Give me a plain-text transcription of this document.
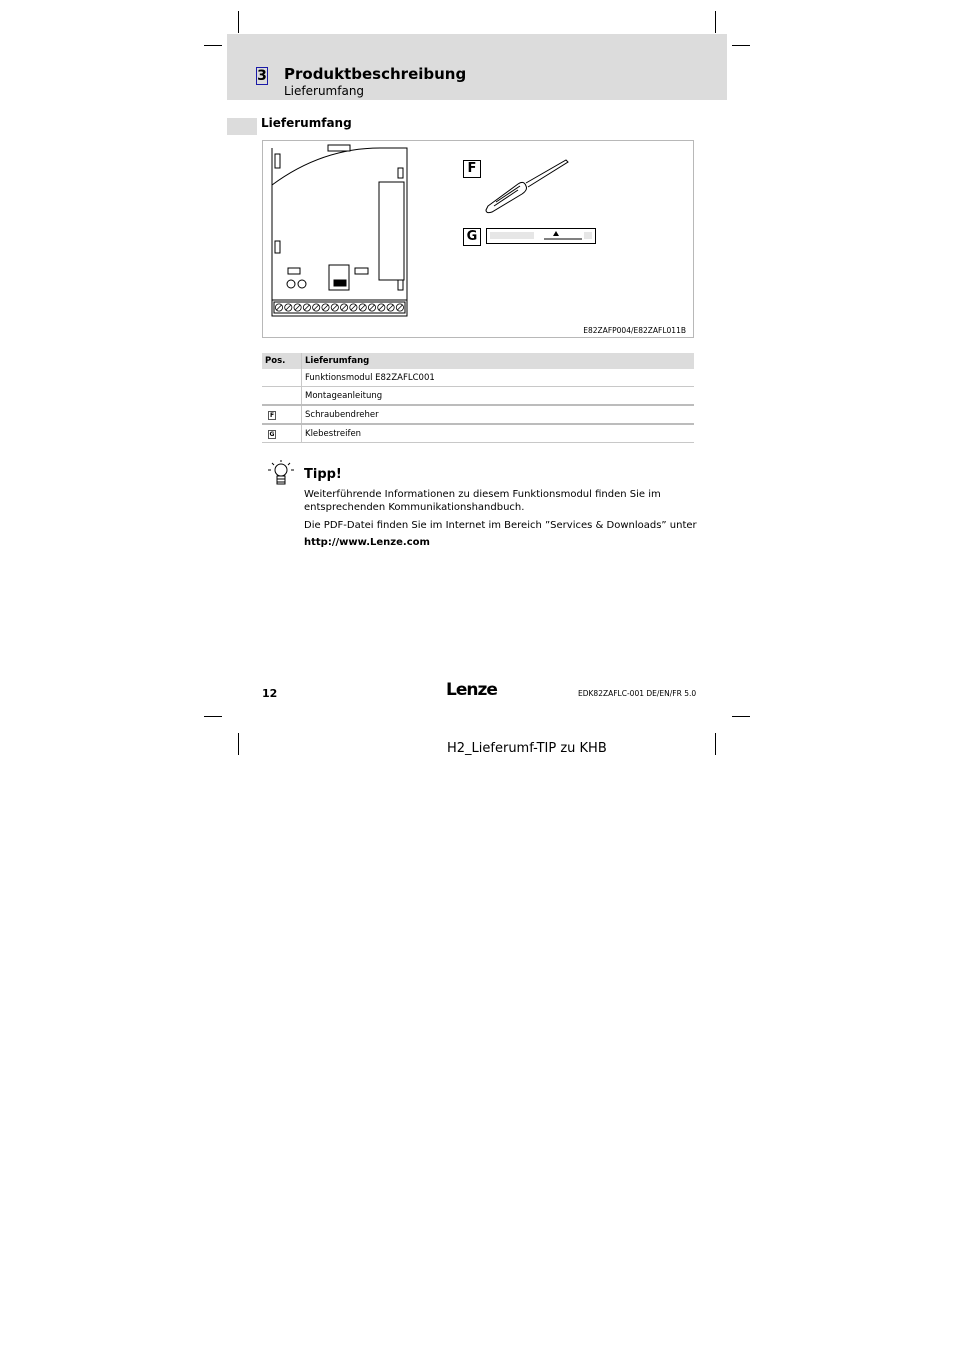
3 Produktbeschreibung
Lieferumfang
Lieferumfang
F
G
E82ZAFP004/E82ZAFL011B
Pos.	Lieferumfang
	Funktionsmodul E82ZAFLC001
	Montageanleitung
F	Schraubendreher
G	Klebestreifen
Tipp!
Weiterführende Informationen zu diesem Funktionsmodul finden Sie im entsprechenden Kommunikationshandbuch.
Die PDF-Datei finden Sie im Internet im Bereich ”Services & Downloads” unter
http://www.Lenze.com
12	Lenze	EDK82ZAFLC-001 DE/EN/FR 5.0
H2_Lieferumf-TIP zu KHB
